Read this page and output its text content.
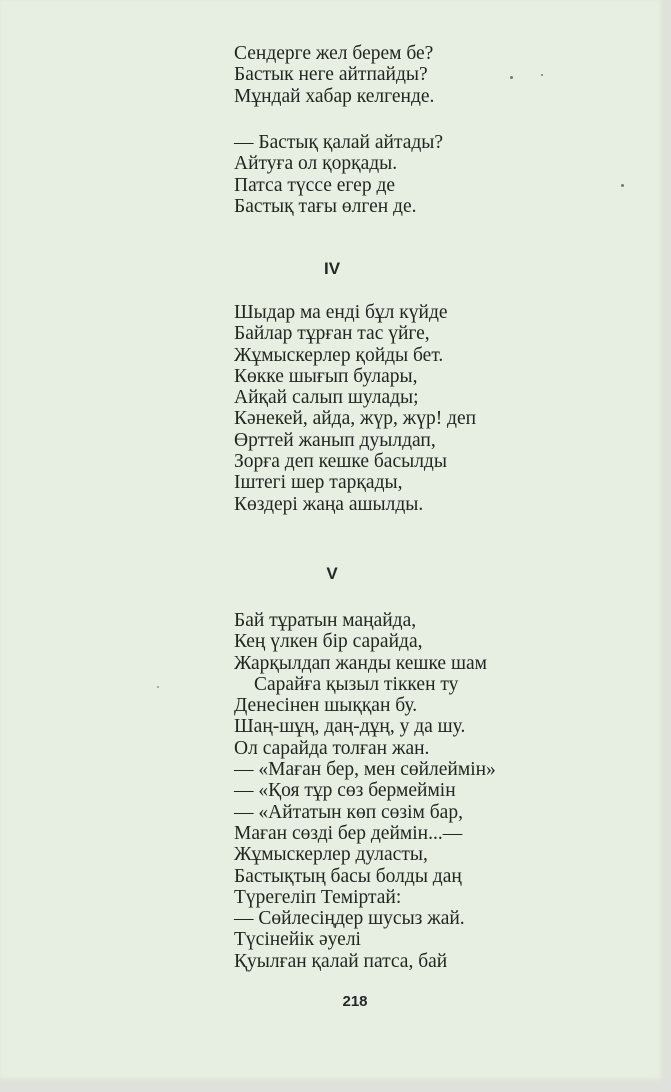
Сендерге жел берем бе?
Бастык неге айтпайды?
Мұндай хабар келгенде.
— Бастық қалай айтады?
Айтуға ол қорқады.
Патса түссе егер де
Бастық тағы өлген де.
IV
Шыдар ма енді бұл күйде
Байлар тұрған тас үйге,
Жұмыскерлер қойды бет.
Көкке шығып булары,
Айқай салып шулады;
Кәнекей, айда, жүр, жүр! деп
Өрттей жанып дуылдап,
Зорға деп кешке басылды
Іштегі шер тарқады,
Көздері жаңа ашылды.
V
Бай тұратын маңайда,
Кең үлкен бір сарайда,
Жарқылдап жанды кешке шам
Сарайға қызыл тіккен ту
Денесінен шыққан бу.
Шаң-шұң, даң-дұң, у да шу.
Ол сарайда толған жан.
— «Маған бер, мен сөйлеймін»
— «Қоя тұр сөз бермеймін
— «Айтатын көп сөзім бар,
Маған сөзді бер деймін...—
Жұмыскерлер дуласты,
Бастықтың басы болды даң
Түрегеліп Теміртай:
— Сөйлесіңдер шусыз жай.
Түсінейік әуелі
Қуылған қалай патса, бай
218
